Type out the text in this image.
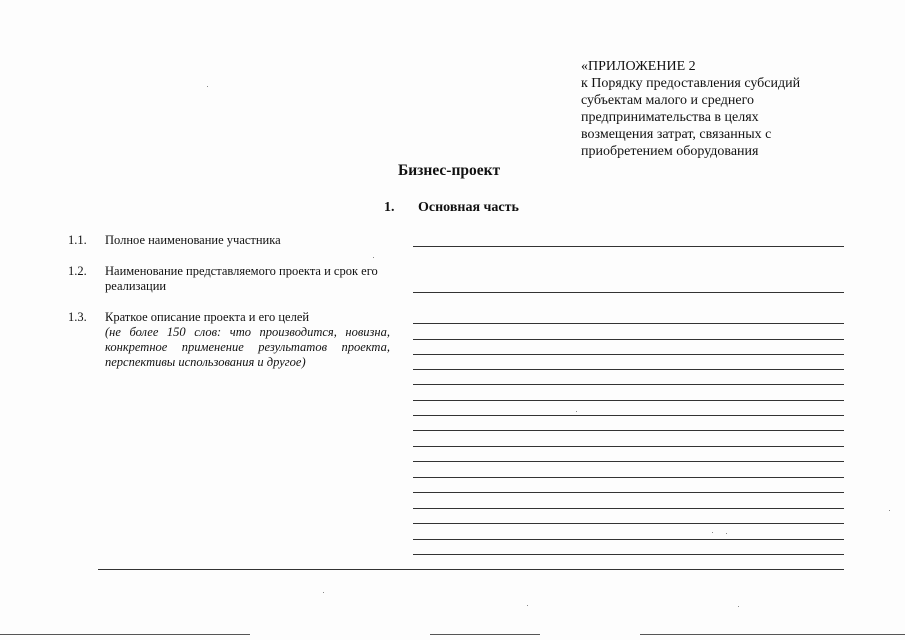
«ПРИЛОЖЕНИЕ 2
к Порядку предоставления субсидий
субъектам малого и среднего
предпринимательства в целях
возмещения затрат, связанных с
приобретением оборудования
Бизнес-проект
1. Основная часть
1.1.	Полное наименование участника
1.2.	Наименование представляемого проекта и срок его реализации
1.3.	Краткое описание проекта и его целей
(не более 150 слов: что производится, новизна, конкретное применение результатов проекта, перспективы использования и другое)
